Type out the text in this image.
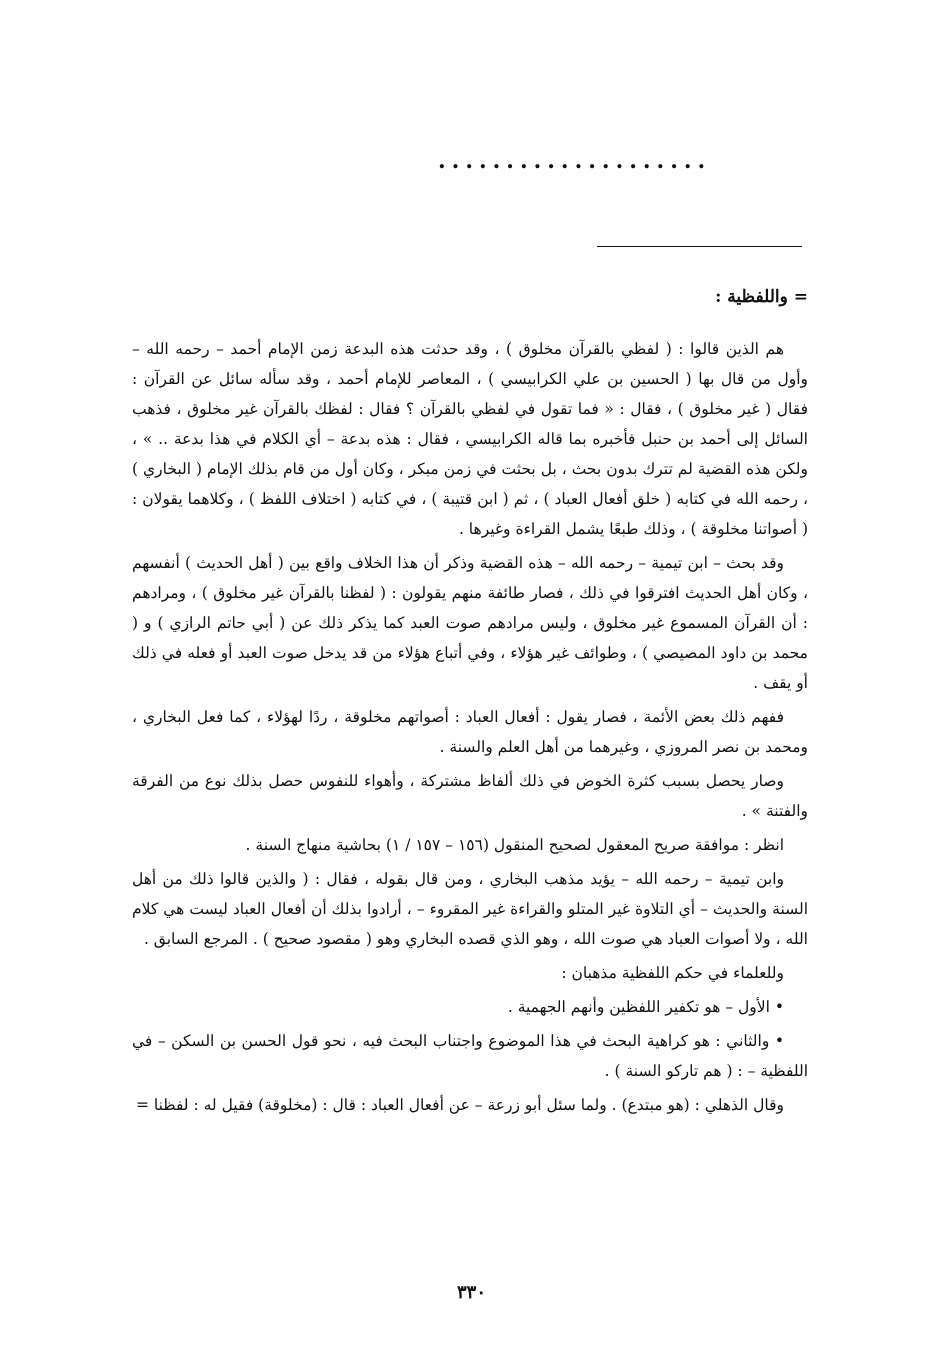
....................

= واللفظية :

هم الذين قالوا : ( لفظي بالقرآن مخلوق ) ، وقد حدثت هذه البدعة زمن الإمام أحمد – رحمه الله – وأول من قال بها ( الحسين بن علي الكرابيسي ) ، المعاصر للإمام أحمد ، وقد سأله سائل عن القرآن : فقال ( غير مخلوق ) ، فقال : « فما تقول في لفظي بالقرآن ؟ فقال : لفظك بالقرآن غير مخلوق ، فذهب السائل إلى أحمد بن حنبل فأخبره بما قاله الكرابيسي ، فقال : هذه بدعة – أي الكلام في هذا بدعة .. » ، ولكن هذه القضية لم تترك بدون بحث ، بل بحثت في زمن مبكر ، وكان أول من قام بذلك الإمام ( البخاري ) ، رحمه الله في كتابه ( خلق أفعال العباد ) ، ثم ( ابن قتيبة ) ، في كتابه ( اختلاف اللفظ ) ، وكلاهما يقولان : ( أصواتنا مخلوقة ) ، وذلك طبعًا يشمل القراءة وغيرها .

وقد بحث – ابن تيمية – رحمه الله – هذه القضية وذكر أن هذا الخلاف واقع بين ( أهل الحديث ) أنفسهم ، وكان أهل الحديث افترقوا في ذلك ، فصار طائفة منهم يقولون : ( لفظنا بالقرآن غير مخلوق ) ، ومرادهم : أن القرآن المسموع غير مخلوق ، وليس مرادهم صوت العبد كما يذكر ذلك عن ( أبي حاتم الرازي ) و ( محمد بن داود المصيصي ) ، وطوائف غير هؤلاء ، وفي أتباع هؤلاء من قد يدخل صوت العبد أو فعله في ذلك أو يقف .

ففهم ذلك بعض الأئمة ، فصار يقول : أفعال العباد : أصواتهم مخلوقة ، ردًا لهؤلاء ، كما فعل البخاري ، ومحمد بن نصر المروزي ، وغيرهما من أهل العلم والسنة .

وصار يحصل بسبب كثرة الخوض في ذلك ألفاظ مشتركة ، وأهواء للنفوس حصل بذلك نوع من الفرقة والفتنة » .

انظر : موافقة صريح المعقول لصحيح المنقول (١٥٦ – ١٥٧ / ١) بحاشية منهاج السنة .

وابن تيمية – رحمه الله – يؤيد مذهب البخاري ، ومن قال بقوله ، فقال : ( والذين قالوا ذلك من أهل السنة والحديث – أي التلاوة غير المتلو والقراءة غير المقروء – ، أرادوا بذلك أن أفعال العباد ليست هي كلام الله ، ولا أصوات العباد هي صوت الله ، وهو الذي قصده البخاري وهو ( مقصود صحيح ) . المرجع السابق .

وللعلماء في حكم اللفظية مذهبان :

• الأول – هو تكفير اللفظين وأنهم الجهمية .

• والثاني : هو كراهية البحث في هذا الموضوع واجتناب البحث فيه ، نحو قول الحسن بن السكن – في اللفظية – : ( هم تاركو السنة ) .

وقال الذهلي : (هو مبتدع) . ولما سئل أبو زرعة – عن أفعال العباد : قال : (مخلوقة) فقيل له : لفظنا =

٣٣٠
